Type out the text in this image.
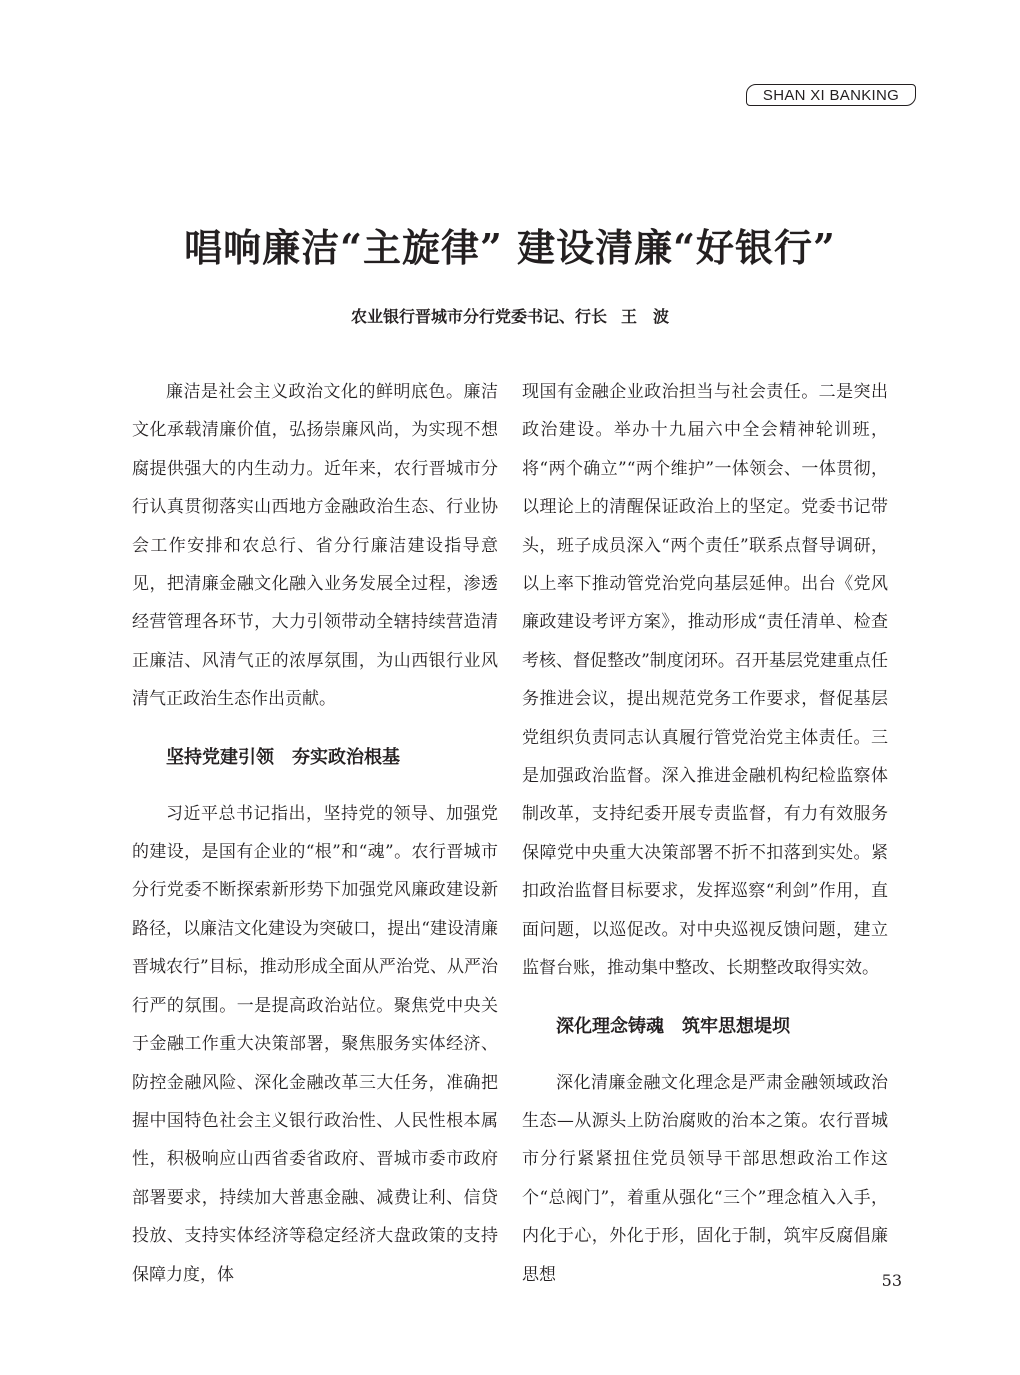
SHAN XI BANKING
唱响廉洁“主旋律” 建设清廉“好银行”
农业银行晋城市分行党委书记、行长 王　波

廉洁是社会主义政治文化的鲜明底色。廉洁文化承载清廉价值，弘扬崇廉风尚，为实现不想腐提供强大的内生动力。近年来，农行晋城市分行认真贯彻落实山西地方金融政治生态、行业协会工作安排和农总行、省分行廉洁建设指导意见，把清廉金融文化融入业务发展全过程，渗透经营管理各环节，大力引领带动全辖持续营造清正廉洁、风清气正的浓厚氛围，为山西银行业风清气正政治生态作出贡献。

坚持党建引领　夯实政治根基

习近平总书记指出，坚持党的领导、加强党的建设，是国有企业的“根”和“魂”。农行晋城市分行党委不断探索新形势下加强党风廉政建设新路径，以廉洁文化建设为突破口，提出“建设清廉晋城农行”目标，推动形成全面从严治党、从严治行严的氛围。一是提高政治站位。聚焦党中央关于金融工作重大决策部署，聚焦服务实体经济、防控金融风险、深化金融改革三大任务，准确把握中国特色社会主义银行政治性、人民性根本属性，积极响应山西省委省政府、晋城市委市政府部署要求，持续加大普惠金融、减费让利、信贷投放、支持实体经济等稳定经济大盘政策的支持保障力度，体

现国有金融企业政治担当与社会责任。二是突出政治建设。举办十九届六中全会精神轮训班，将“两个确立”“两个维护”一体领会、一体贯彻，以理论上的清醒保证政治上的坚定。党委书记带头，班子成员深入“两个责任”联系点督导调研，以上率下推动管党治党向基层延伸。出台《党风廉政建设考评方案》，推动形成“责任清单、检查考核、督促整改”制度闭环。召开基层党建重点任务推进会议，提出规范党务工作要求，督促基层党组织负责同志认真履行管党治党主体责任。三是加强政治监督。深入推进金融机构纪检监察体制改革，支持纪委开展专责监督，有力有效服务保障党中央重大决策部署不折不扣落到实处。紧扣政治监督目标要求，发挥巡察“利剑”作用，直面问题，以巡促改。对中央巡视反馈问题，建立监督台账，推动集中整改、长期整改取得实效。

深化理念铸魂　筑牢思想堤坝

深化清廉金融文化理念是严肃金融领域政治生态—从源头上防治腐败的治本之策。农行晋城市分行紧紧扭住党员领导干部思想政治工作这个“总阀门”，着重从强化“三个”理念植入入手，内化于心，外化于形，固化于制，筑牢反腐倡廉思想	53
